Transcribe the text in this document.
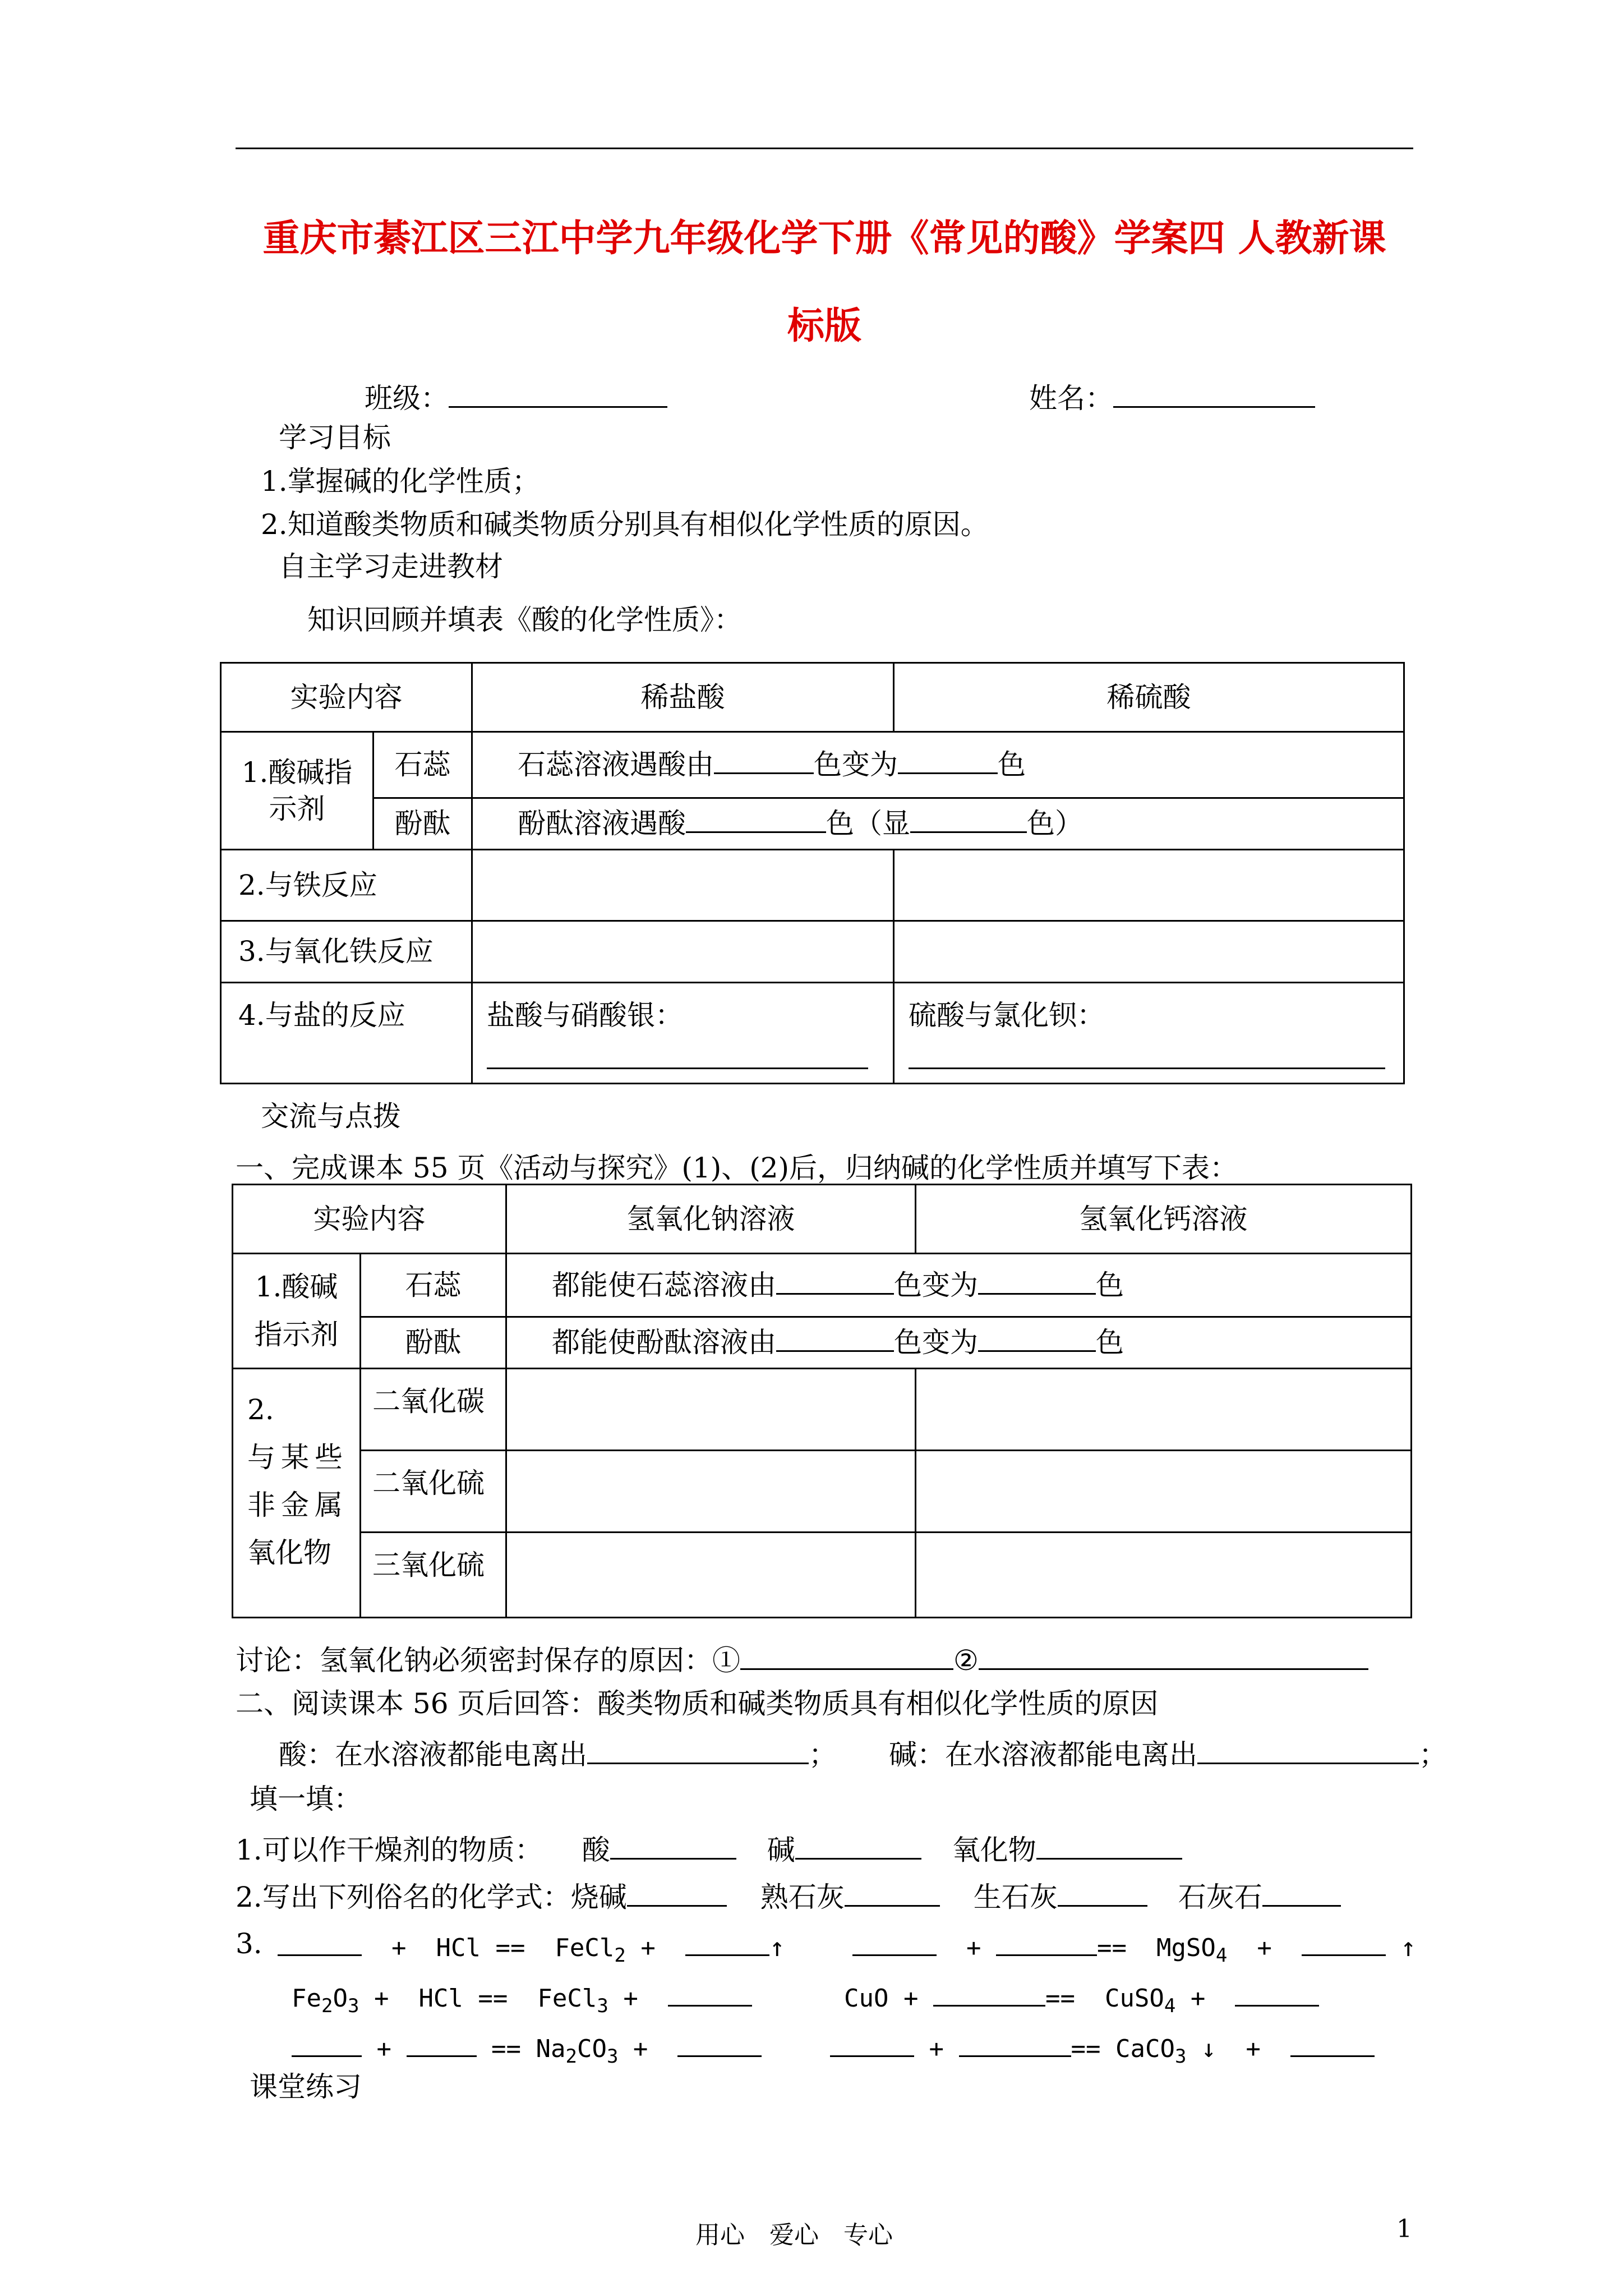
重庆市綦江区三江中学九年级化学下册《常见的酸》学案四 人教新课
标版
班级：	姓名：
学习目标
1.掌握碱的化学性质；
2.知道酸类物质和碱类物质分别具有相似化学性质的原因。
自主学习走进教材
知识回顾并填表《酸的化学性质》：
实验内容		稀盐酸	稀硫酸
1.酸碱指示剂	石蕊	石蕊溶液遇酸由 色变为 色	
	酚酞	酚酞溶液遇酸 色（显 色）	
2.与铁反应			
3.与氧化铁反应			
4.与盐的反应		盐酸与硝酸银：	硫酸与氯化钡：
交流与点拨
一、完成课本 55 页《活动与探究》(1)、(2)后，归纳碱的化学性质并填写下表：
实验内容		氢氧化钠溶液	氢氧化钙溶液

1.酸碱
指示剂	石蕊	都能使石蕊溶液由 色变为 色	
	酚酞	都能使酚酞溶液由 色变为 色	

2.
与某些 非金属
氧化物	二氧化碳		
	二氧化硫		
	三氧化硫		
讨论：氢氧化钠必须密封保存的原因：①	②
二、阅读课本 56 页后回答：酸类物质和碱类物质具有相似化学性质的原因
酸：在水溶液都能电离出	； 碱：在水溶液都能电离出	；
填一填：
1.可以作干燥剂的物质： 酸	碱	氧化物
2.写出下列俗名的化学式：烧碱	熟石灰	生石灰	石灰石
3.	+ HCl == FeCl$_2$ +	↑	+	== MgSO$_4$ +	↑
$Fe_2O_3$ + HCl == FeCl$_3$ +	CuO +	== CuSO$_4$ +
+	== $Na_2CO_3$ +	+	== CaCO$_3$ ↓ +
课堂练习
用心　爱心　专心	1
